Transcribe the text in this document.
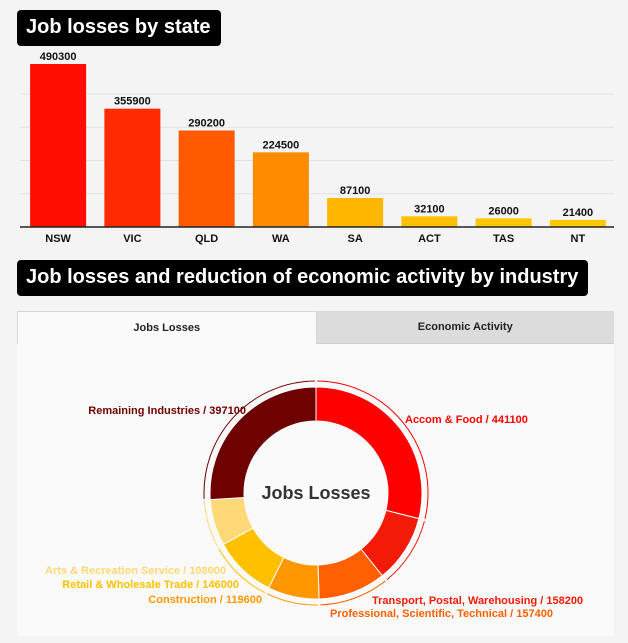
Job losses by state
490300
NSW
355900
VIC
290200
QLD
224500
WA
87100
SA
32100
ACT
26000
TAS
21400
NT
Job losses and reduction of economic activity by industry
Jobs Losses	Economic Activity
Accom & Food / 441100
Transport, Postal, Warehousing / 158200
Professional, Scientific, Technical / 157400
Construction / 119600
Retail & Wholesale Trade / 146000
Arts & Recreation Service / 108000
Remaining Industries / 397100
Jobs Losses
